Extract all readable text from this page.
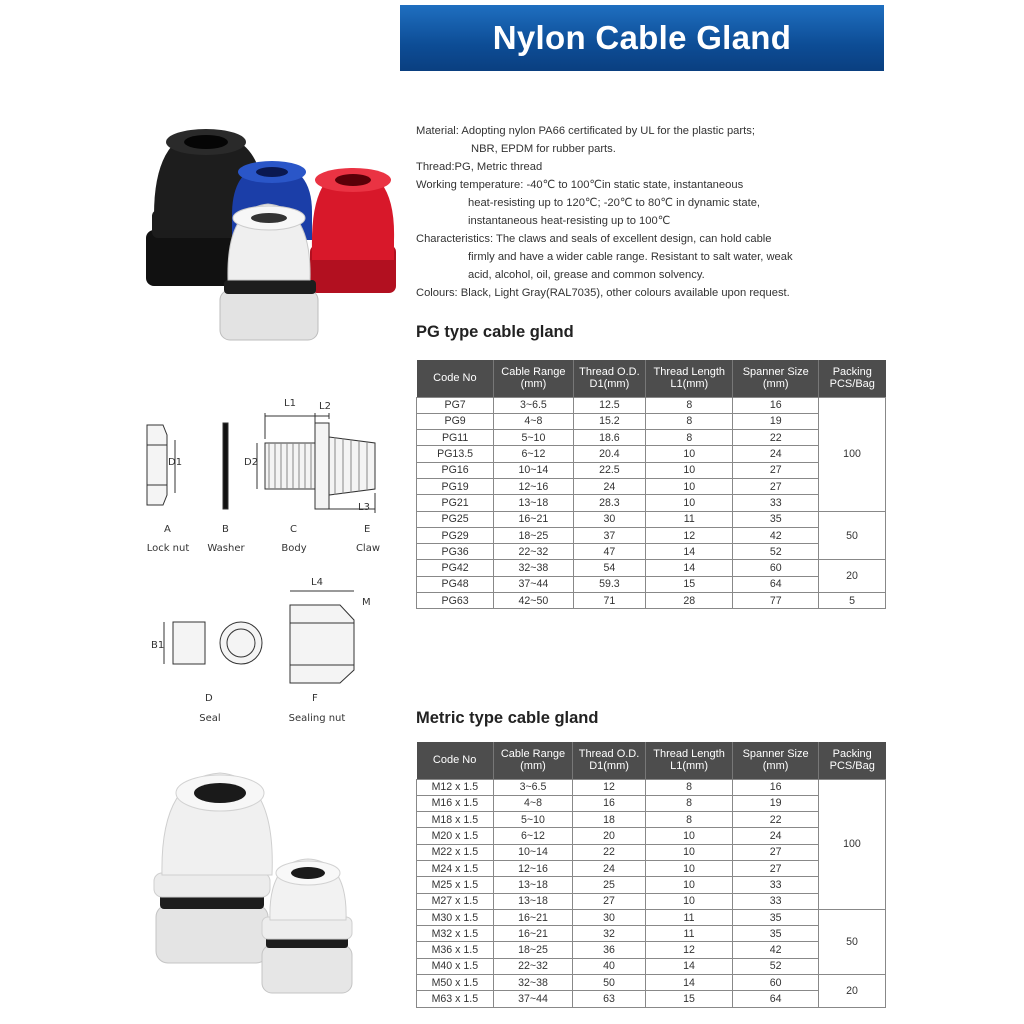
Nylon Cable Gland
Material: Adopting nylon PA66 certificated by UL for the plastic parts;
NBR, EPDM for rubber parts.
Thread:PG, Metric thread
Working temperature: -40℃ to 100℃in static state, instantaneous
heat-resisting up to 120℃; -20℃ to 80℃ in dynamic state,
instantaneous heat-resisting up to 100℃
Characteristics: The claws and seals of excellent design, can hold cable
firmly and have a wider cable range. Resistant to salt water, weak
acid, alcohol, oil, grease and common solvency.
Colours: Black, Light Gray(RAL7035), other colours available upon request.
PG type cable gland
Code No	Cable Range (mm)	Thread O.D. D1(mm)	Thread Length L1(mm)	Spanner Size (mm)	Packing PCS/Bag
PG7	3~6.5	12.5	8	16	100
PG9	4~8	15.2	8	19	
PG11	5~10	18.6	8	22	
PG13.5	6~12	20.4	10	24	
PG16	10~14	22.5	10	27	
PG19	12~16	24	10	27	
PG21	13~18	28.3	10	33	
PG25	16~21	30	11	35	50
PG29	18~25	37	12	42	
PG36	22~32	47	14	52	
PG42	32~38	54	14	60	20
PG48	37~44	59.3	15	64	
PG63	42~50	71	28	77	5
D1	D2
L1 L2
L3
A
Lock nut
B
Washer
C
Body
E
Claw
B1
L4
M
D
Seal
F
Sealing nut	Metric type cable gland
Code No	Cable Range (mm)	Thread O.D. D1(mm)	Thread Length L1(mm)	Spanner Size (mm)	Packing PCS/Bag
M12 x 1.5	3~6.5	12	8	16	100
M16 x 1.5	4~8	16	8	19	
M18 x 1.5	5~10	18	8	22	
M20 x 1.5	6~12	20	10	24	
M22 x 1.5	10~14	22	10	27	
M24 x 1.5	12~16	24	10	27	
M25 x 1.5	13~18	25	10	33	
M27 x 1.5	13~18	27	10	33	
M30 x 1.5	16~21	30	11	35	50
M32 x 1.5	16~21	32	11	35	
M36 x 1.5	18~25	36	12	42	
M40 x 1.5	22~32	40	14	52	
M50 x 1.5	32~38	50	14	60	20
M63 x 1.5	37~44	63	15	64	
